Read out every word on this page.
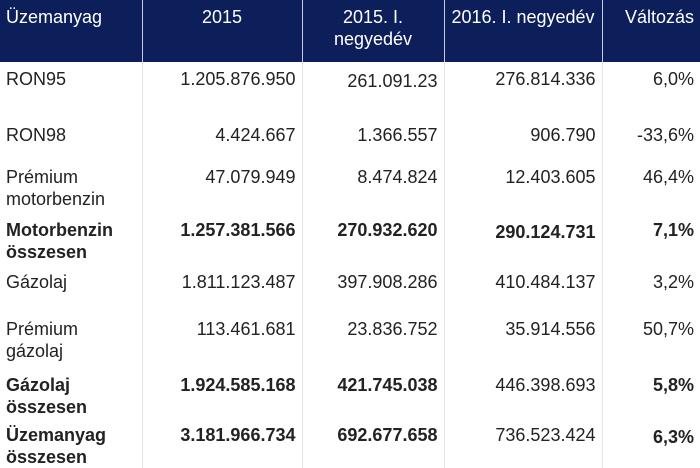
Üzemanyag	2015	2015. I. negyedév	2016. I. negyedév	Változás
RON95	1.205.876.950	261.091.23	276.814.336	6,0%
RON98	4.424.667	1.366.557	906.790	-33,6%
Prémium motorbenzin	47.079.949	8.474.824	12.403.605	46,4%
Motorbenzin összesen	1.257.381.566	270.932.620	290.124.731	7,1%
Gázolaj	1.811.123.487	397.908.286	410.484.137	3,2%
Prémium gázolaj	113.461.681	23.836.752	35.914.556	50,7%
Gázolaj összesen	1.924.585.168	421.745.038	446.398.693	5,8%
Üzemanyag összesen	3.181.966.734	692.677.658	736.523.424	6,3%
